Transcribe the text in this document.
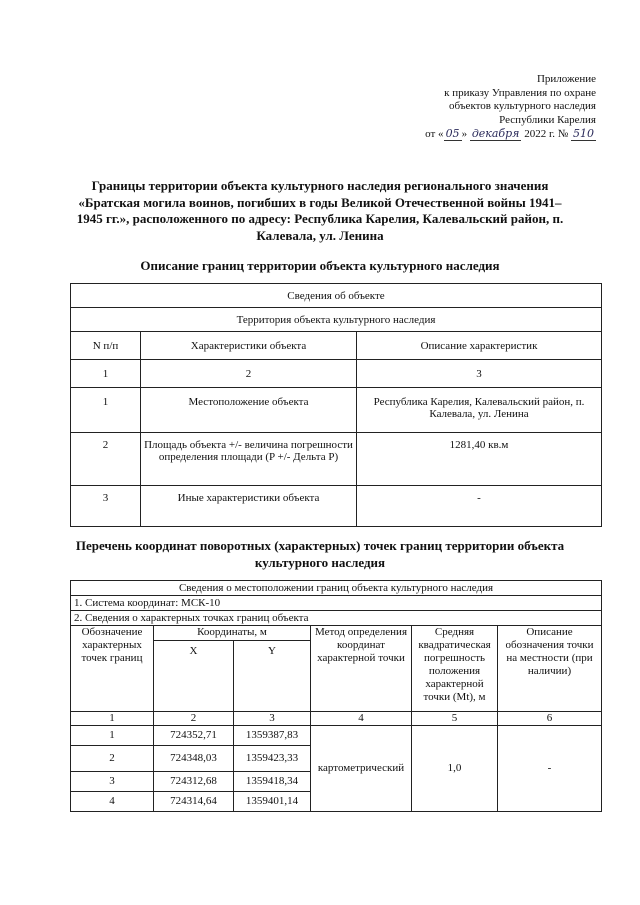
Приложение
к приказу Управления по охране
объектов культурного наследия
Республики Карелия
от « 05 » декабря 2022 г. № 510
Границы территории объекта культурного наследия регионального значения «Братская могила воинов, погибших в годы Великой Отечественной войны 1941–1945 гг.», расположенного по адресу: Республика Карелия, Калевальский район, п. Калевала, ул. Ленина
Описание границ территории объекта культурного наследия
Сведения об объекте		
Территория объекта культурного наследия		
N п/п	Характеристики объекта	Описание характеристик
1	2	3
1	Местоположение объекта	Республика Карелия, Калевальский район, п. Калевала, ул. Ленина
2	Площадь объекта +/- величина погрешности определения площади (P +/- Дельта P)	1281,40 кв.м
3	Иные характеристики объекта	-
Перечень координат поворотных (характерных) точек границ территории объекта культурного наследия
Сведения о местоположении границ объекта культурного наследия					
1. Система координат: МСК-10					
2. Сведения о характерных точках границ объекта					
Обозначение характерных точек границ	Координаты, м		Метод определения координат характерной точки	Средняя квадратическая погрешность положения характерной точки (Mt), м	Описание обозначения точки на местности (при наличии)
	X	Y			
1	2	3	4	5	6
1	724352,71	1359387,83	картометрический	1,0	-
2	724348,03	1359423,33			
3	724312,68	1359418,34			
4	724314,64	1359401,14			
